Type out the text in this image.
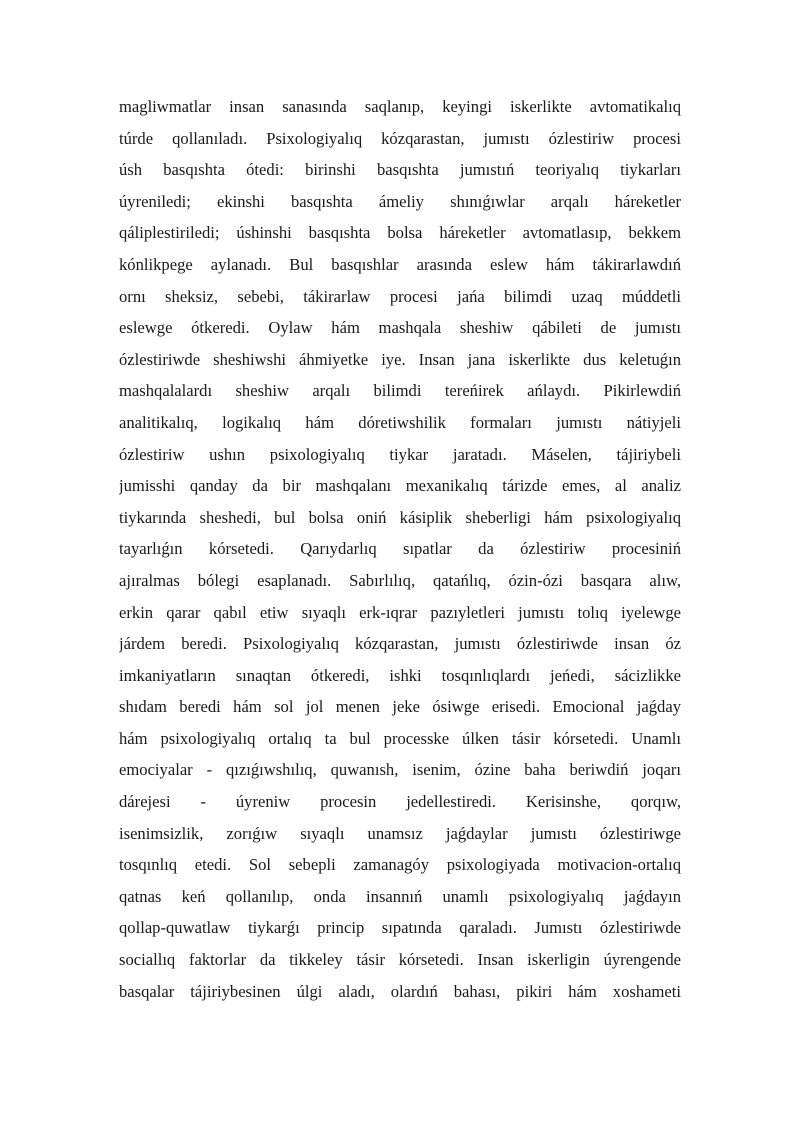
magliwmatlar insan sanasında saqlanıp, keyingi iskerlikte avtomatikalıq
túrde qollanıladı. Psixologiyalıq kózqarastan, jumıstı ózlestiriw procesi
úsh basqıshta ótedi: birinshi basqıshta jumıstıń teoriyalıq tiykarları
úyreniledi; ekinshi basqıshta ámeliy shınıǵıwlar arqalı háreketler
qáliplestiriledi; úshinshi basqıshta bolsa háreketler avtomatlasıp, bekkem
kónlikpege aylanadı. Bul basqıshlar arasında eslew hám tákirarlawdıń
ornı sheksiz, sebebi, tákirarlaw procesi jańa bilimdi uzaq múddetli
eslewge ótkeredi. Oylaw hám mashqala sheshiw qábileti de jumıstı
ózlestiriwde sheshiwshi áhmiyetke iye. Insan jana iskerlikte dus keletuǵın
mashqalalardı sheshiw arqalı bilimdi tereńirek ańlaydı. Pikirlewdiń
analitikalıq, logikalıq hám dóretiwshilik formaları jumıstı nátiyjeli
ózlestiriw ushın psixologiyalıq tiykar jaratadı. Máselen, tájiriybeli
jumisshi qanday da bir mashqalanı mexanikalıq tárizde emes, al analiz
tiykarında sheshedi, bul bolsa oniń kásiplik sheberligi hám psixologiyalıq
tayarlıǵın kórsetedi. Qarıydarlıq sıpatlar da ózlestiriw procesiniń
ajıralmas bólegi esaplanadı. Sabırlılıq, qatańlıq, ózin-ózi basqara alıw,
erkin qarar qabıl etiw sıyaqlı erk-ıqrar pazıyletleri jumıstı tolıq iyelewge
járdem beredi. Psixologiyalıq kózqarastan, jumıstı ózlestiriwde insan óz
imkaniyatların sınaqtan ótkeredi, ishki tosqınlıqlardı jeńedi, sácizlikke
shıdam beredi hám sol jol menen jeke ósiwge erisedi. Emocional jaǵday
hám psixologiyalıq ortalıq ta bul processke úlken tásir kórsetedi. Unamlı
emociyalar - qızıǵıwshılıq, quwanısh, isenim, ózine baha beriwdiń joqarı
dárejesi - úyreniw procesin jedellestiredi. Kerisinshe, qorqıw,
isenimsizlik, zorıǵıw sıyaqlı unamsız jaǵdaylar jumıstı ózlestiriwge
tosqınlıq etedi. Sol sebepli zamanagóy psixologiyada motivacion-ortalıq
qatnas keń qollanılıp, onda insannıń unamlı psixologiyalıq jaǵdayın
qollap-quwatlaw tiykarǵı princip sıpatında qaraladı. Jumıstı ózlestiriwde
sociallıq faktorlar da tikkeley tásir kórsetedi. Insan iskerligin úyrengende
basqalar tájiriybesinen úlgi aladı, olardıń bahası, pikiri hám xoshameti
